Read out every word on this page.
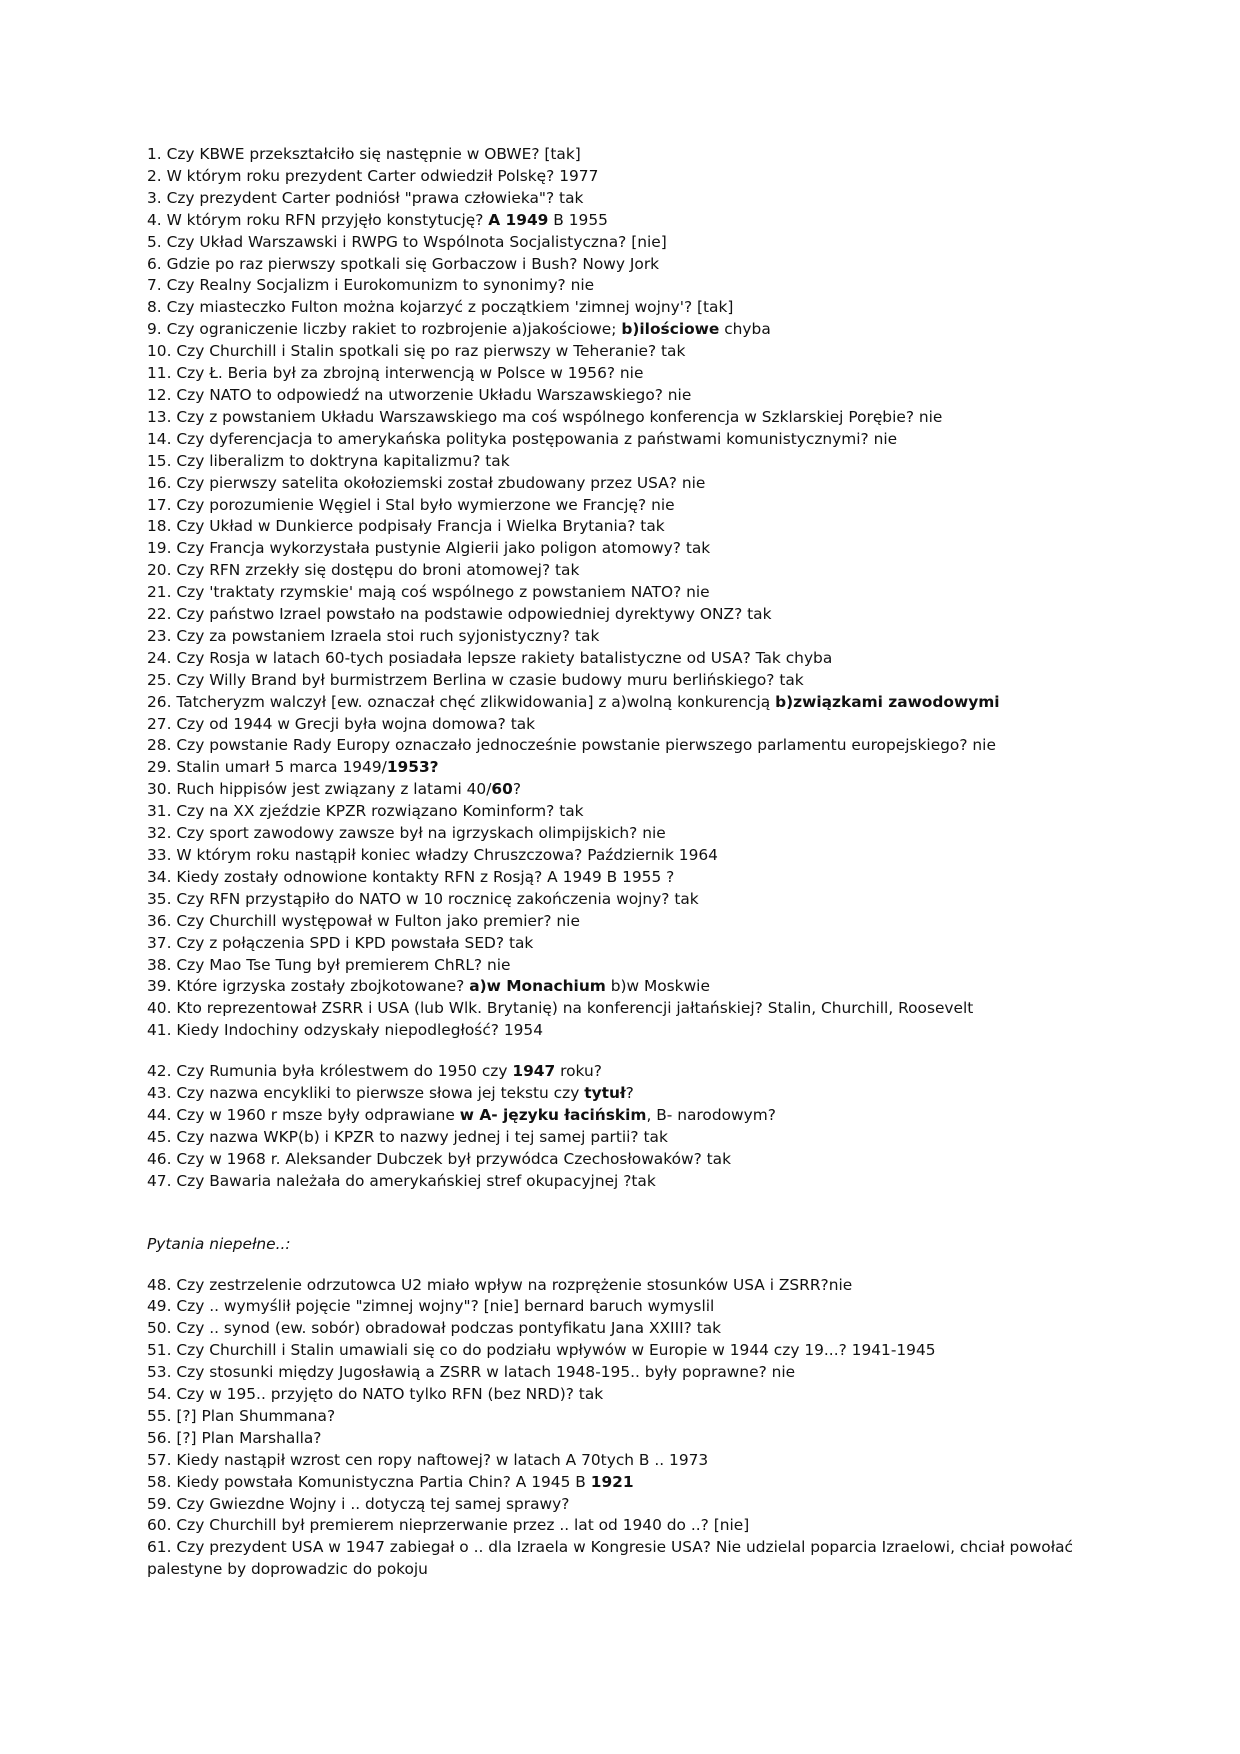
1. Czy KBWE przekształciło się następnie w OBWE? [tak]
2. W którym roku prezydent Carter odwiedził Polskę? 1977
3. Czy prezydent Carter podniósł "prawa człowieka"? tak
4. W którym roku RFN przyjęło konstytucję? A 1949 B 1955
5. Czy Układ Warszawski i RWPG to Wspólnota Socjalistyczna? [nie]
6. Gdzie po raz pierwszy spotkali się Gorbaczow i Bush? Nowy Jork
7. Czy Realny Socjalizm i Eurokomunizm to synonimy? nie
8. Czy miasteczko Fulton można kojarzyć z początkiem 'zimnej wojny'? [tak]
9. Czy ograniczenie liczby rakiet to rozbrojenie a)jakościowe; b)ilościowe chyba
10. Czy Churchill i Stalin spotkali się po raz pierwszy w Teheranie? tak
11. Czy Ł. Beria był za zbrojną interwencją w Polsce w 1956? nie
12. Czy NATO to odpowiedź na utworzenie Układu Warszawskiego? nie
13. Czy z powstaniem Układu Warszawskiego ma coś wspólnego konferencja w Szklarskiej Porębie? nie
14. Czy dyferencjacja to amerykańska polityka postępowania z państwami komunistycznymi? nie
15. Czy liberalizm to doktryna kapitalizmu? tak
16. Czy pierwszy satelita okołoziemski został zbudowany przez USA? nie
17. Czy porozumienie Węgiel i Stal było wymierzone we Francję? nie
18. Czy Układ w Dunkierce podpisały Francja i Wielka Brytania? tak
19. Czy Francja wykorzystała pustynie Algierii jako poligon atomowy? tak
20. Czy RFN zrzekły się dostępu do broni atomowej? tak
21. Czy 'traktaty rzymskie' mają coś wspólnego z powstaniem NATO? nie
22. Czy państwo Izrael powstało na podstawie odpowiedniej dyrektywy ONZ? tak
23. Czy za powstaniem Izraela stoi ruch syjonistyczny? tak
24. Czy Rosja w latach 60-tych posiadała lepsze rakiety batalistyczne od USA? Tak chyba
25. Czy Willy Brand był burmistrzem Berlina w czasie budowy muru berlińskiego? tak
26. Tatcheryzm walczył [ew. oznaczał chęć zlikwidowania] z a)wolną konkurencją b)związkami zawodowymi
27. Czy od 1944 w Grecji była wojna domowa? tak
28. Czy powstanie Rady Europy oznaczało jednocześnie powstanie pierwszego parlamentu europejskiego? nie
29. Stalin umarł 5 marca 1949/1953?
30. Ruch hippisów jest związany z latami 40/60?
31. Czy na XX zjeździe KPZR rozwiązano Kominform? tak
32. Czy sport zawodowy zawsze był na igrzyskach olimpijskich? nie
33. W którym roku nastąpił koniec władzy Chruszczowa? Październik 1964
34. Kiedy zostały odnowione kontakty RFN z Rosją? A 1949 B 1955 ?
35. Czy RFN przystąpiło do NATO w 10 rocznicę zakończenia wojny? tak
36. Czy Churchill występował w Fulton jako premier? nie
37. Czy z połączenia SPD i KPD powstała SED? tak
38. Czy Mao Tse Tung był premierem ChRL? nie
39. Które igrzyska zostały zbojkotowane? a)w Monachium b)w Moskwie
40. Kto reprezentował ZSRR i USA (lub Wlk. Brytanię) na konferencji jałtańskiej? Stalin, Churchill, Roosevelt
41. Kiedy Indochiny odzyskały niepodległość? 1954
42. Czy Rumunia była królestwem do 1950 czy 1947 roku?
43. Czy nazwa encykliki to pierwsze słowa jej tekstu czy tytuł?
44. Czy w 1960 r msze były odprawiane w A- języku łacińskim, B- narodowym?
45. Czy nazwa WKP(b) i KPZR to nazwy jednej i tej samej partii? tak
46. Czy w 1968 r. Aleksander Dubczek był przywódca Czechosłowaków? tak
47. Czy Bawaria należała do amerykańskiej stref okupacyjnej ?tak
Pytania niepełne..:
48. Czy zestrzelenie odrzutowca U2 miało wpływ na rozprężenie stosunków USA i ZSRR?nie
49. Czy .. wymyślił pojęcie "zimnej wojny"? [nie] bernard baruch wymyslil
50. Czy .. synod (ew. sobór) obradował podczas pontyfikatu Jana XXIII? tak
51. Czy Churchill i Stalin umawiali się co do podziału wpływów w Europie w 1944 czy 19...? 1941-1945
53. Czy stosunki między Jugosławią a ZSRR w latach 1948-195.. były poprawne? nie
54. Czy w 195.. przyjęto do NATO tylko RFN (bez NRD)? tak
55. [?] Plan Shummana?
56. [?] Plan Marshalla?
57. Kiedy nastąpił wzrost cen ropy naftowej? w latach A 70tych B .. 1973
58. Kiedy powstała Komunistyczna Partia Chin? A 1945 B 1921
59. Czy Gwiezdne Wojny i .. dotyczą tej samej sprawy?
60. Czy Churchill był premierem nieprzerwanie przez .. lat od 1940 do ..? [nie]
61. Czy prezydent USA w 1947 zabiegał o .. dla Izraela w Kongresie USA? Nie udzielal poparcia Izraelowi, chciał powołać palestyne by doprowadzic do pokoju
